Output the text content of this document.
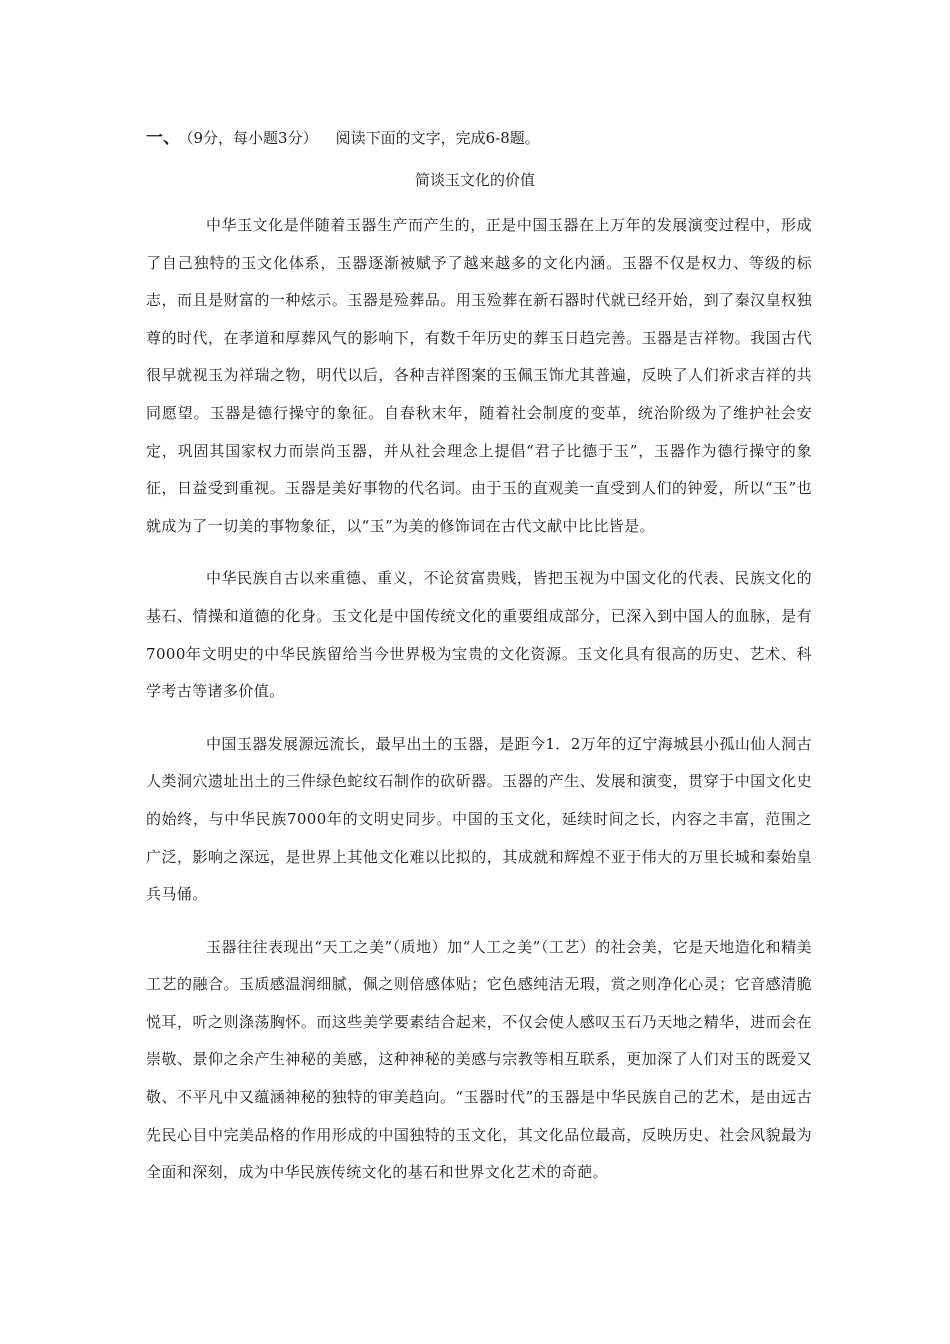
一、 （9分，每小题3分） 阅读下面的文字，完成6-8题。
简谈玉文化的价值

中华玉文化是伴随着玉器生产而产生的，正是中国玉器在上万年的发展演变过程中，形成了自己独特的玉文化体系，玉器逐渐被赋予了越来越多的文化内涵。玉器不仅是权力、等级的标志，而且是财富的一种炫示。玉器是殓葬品。用玉殓葬在新石器时代就已经开始，到了秦汉皇权独尊的时代，在孝道和厚葬风气的影响下，有数千年历史的葬玉日趋完善。玉器是吉祥物。我国古代很早就视玉为祥瑞之物，明代以后，各种吉祥图案的玉佩玉饰尤其普遍，反映了人们祈求吉祥的共同愿望。玉器是德行操守的象征。自春秋末年，随着社会制度的变革，统治阶级为了维护社会安定，巩固其国家权力而崇尚玉器，并从社会理念上提倡“君子比德于玉”，玉器作为德行操守的象征，日益受到重视。玉器是美好事物的代名词。由于玉的直观美一直受到人们的钟爱，所以“玉”也就成为了一切美的事物象征，以“玉”为美的修饰词在古代文献中比比皆是。

中华民族自古以来重德、重义，不论贫富贵贱，皆把玉视为中国文化的代表、民族文化的基石、情操和道德的化身。玉文化是中国传统文化的重要组成部分，已深入到中国人的血脉，是有7000年文明史的中华民族留给当今世界极为宝贵的文化资源。玉文化具有很高的历史、艺术、科学考古等诸多价值。

中国玉器发展源远流长，最早出土的玉器，是距今1．2万年的辽宁海城县小孤山仙人洞古人类洞穴遗址出土的三件绿色蛇纹石制作的砍斫器。玉器的产生、发展和演变，贯穿于中国文化史的始终，与中华民族7000年的文明史同步。中国的玉文化，延续时间之长，内容之丰富，范围之广泛，影响之深远，是世界上其他文化难以比拟的，其成就和辉煌不亚于伟大的万里长城和秦始皇兵马俑。

玉器往往表现出“天工之美”（质地）加“人工之美”（工艺）的社会美，它是天地造化和精美工艺的融合。玉质感温润细腻，佩之则倍感体贴；它色感纯洁无瑕，赏之则净化心灵；它音感清脆悦耳，听之则涤荡胸怀。而这些美学要素结合起来，不仅会使人感叹玉石乃天地之精华，进而会在崇敬、景仰之余产生神秘的美感，这种神秘的美感与宗教等相互联系，更加深了人们对玉的既爱又敬、不平凡中又蕴涵神秘的独特的审美趋向。“玉器时代”的玉器是中华民族自己的艺术，是由远古先民心目中完美品格的作用形成的中国独特的玉文化，其文化品位最高，反映历史、社会风貌最为全面和深刻，成为中华民族传统文化的基石和世界文化艺术的奇葩。
